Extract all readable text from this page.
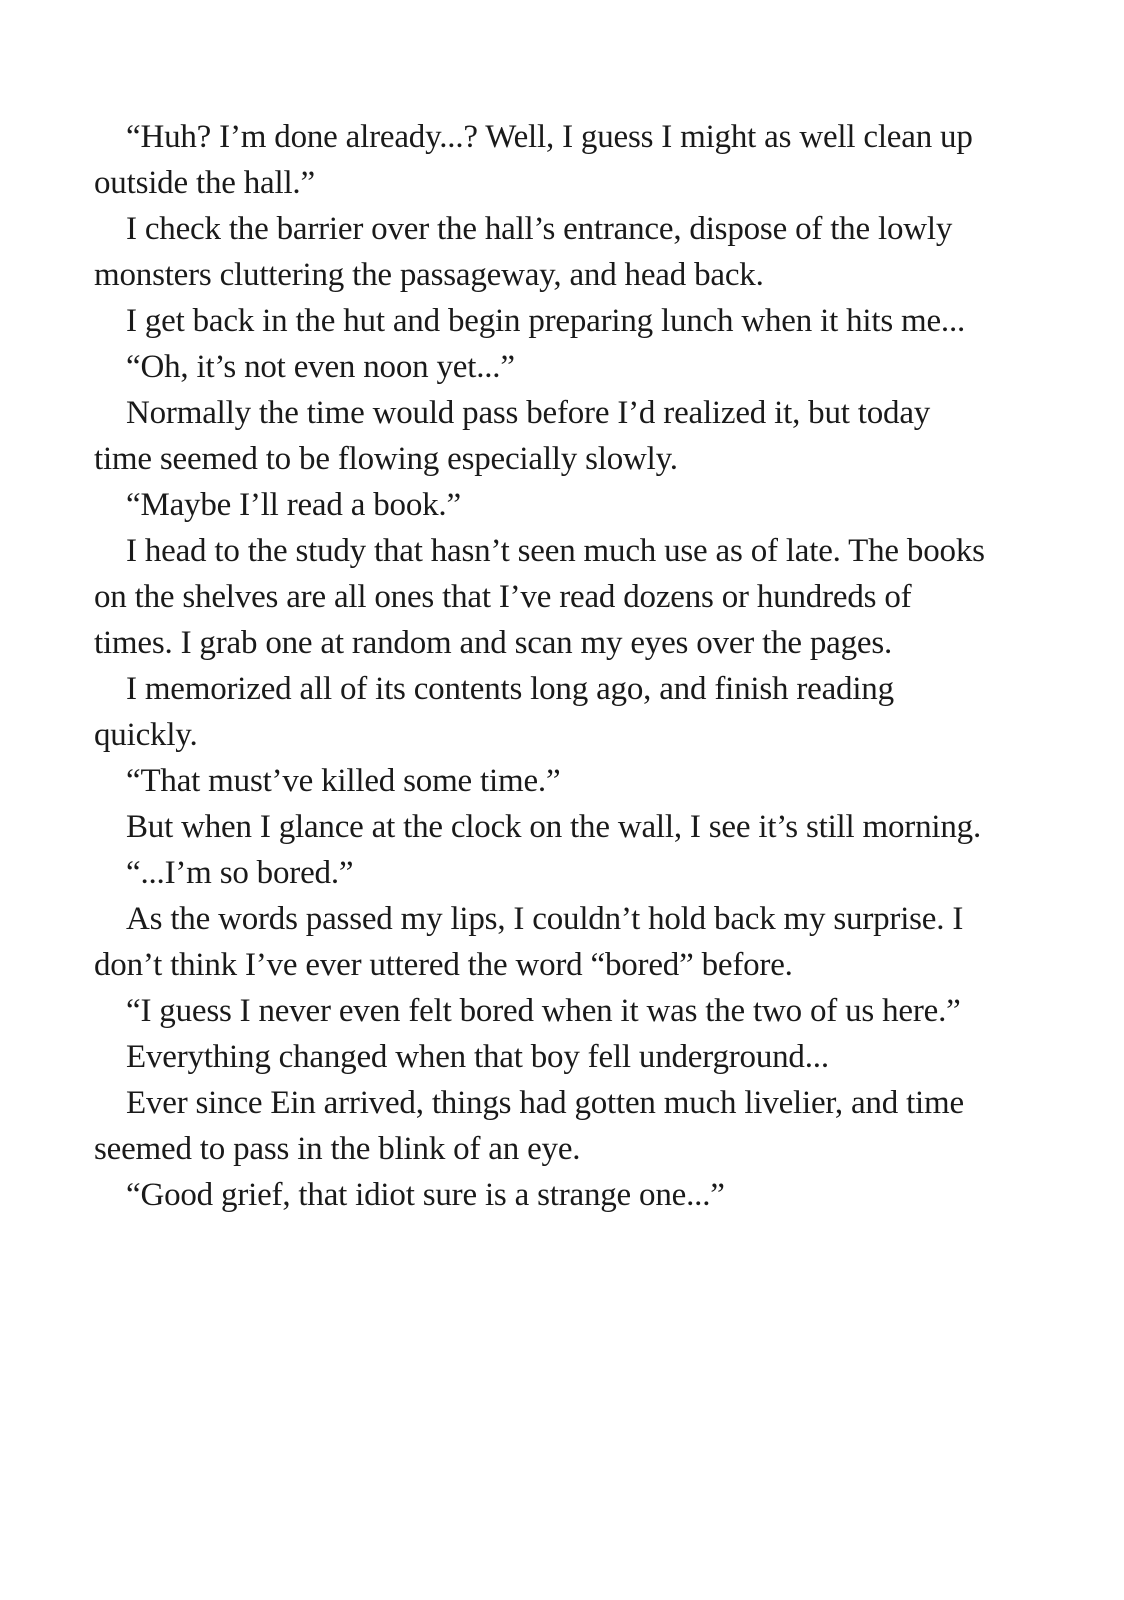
“Huh? I’m done already...? Well, I guess I might as well clean up outside the hall.”

I check the barrier over the hall’s entrance, dispose of the lowly monsters cluttering the passageway, and head back.

I get back in the hut and begin preparing lunch when it hits me...

“Oh, it’s not even noon yet...”

Normally the time would pass before I’d realized it, but today time seemed to be flowing especially slowly.

“Maybe I’ll read a book.”

I head to the study that hasn’t seen much use as of late. The books on the shelves are all ones that I’ve read dozens or hundreds of times. I grab one at random and scan my eyes over the pages.

I memorized all of its contents long ago, and finish reading quickly.

“That must’ve killed some time.”

But when I glance at the clock on the wall, I see it’s still morning.

“...I’m so bored.”

As the words passed my lips, I couldn’t hold back my surprise. I don’t think I’ve ever uttered the word “bored” before.

“I guess I never even felt bored when it was the two of us here.”

Everything changed when that boy fell underground...

Ever since Ein arrived, things had gotten much livelier, and time seemed to pass in the blink of an eye.

“Good grief, that idiot sure is a strange one...”
